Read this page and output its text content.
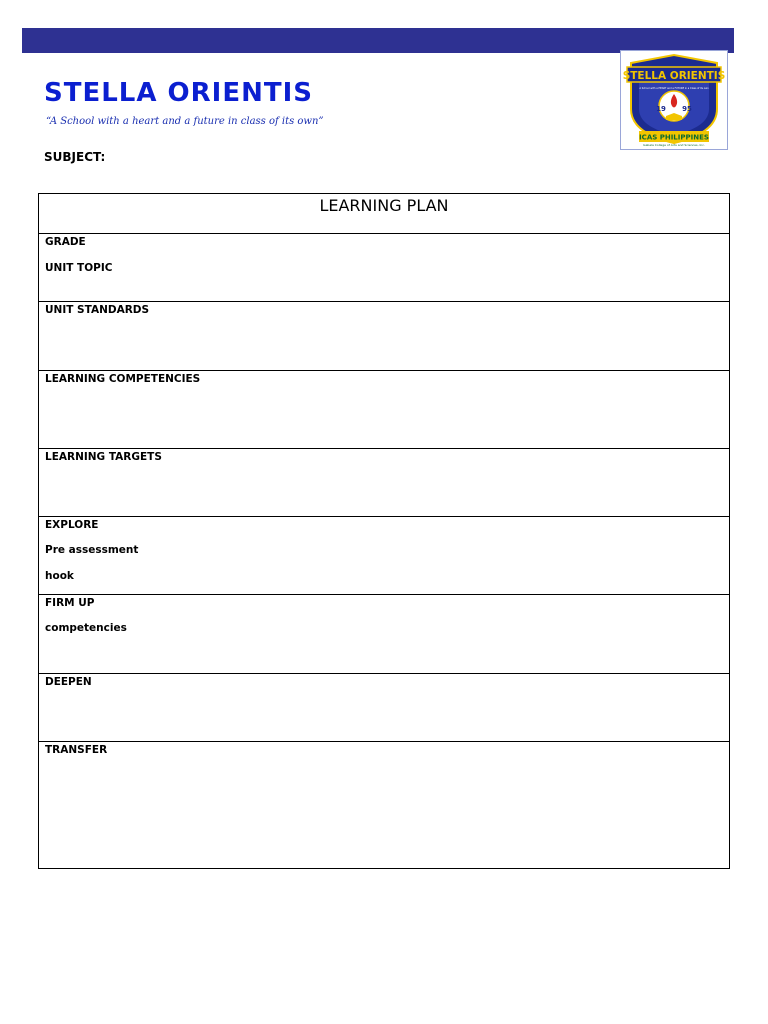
STELLA ORIENTIS
“A School with a heart and a future in class of its own”
SUBJECT:
STELLA ORIENTIS
A School with a HEART and a FUTURE in a Class of its own
19 95
ICAS PHILIPPINES
Isabela College of Arts and Sciences, Inc.
LEARNING PLAN
GRADE
UNIT TOPIC
UNIT STANDARDS
LEARNING COMPETENCIES
LEARNING TARGETS
EXPLORE
Pre assessment
hook
FIRM UP
competencies
DEEPEN
TRANSFER
